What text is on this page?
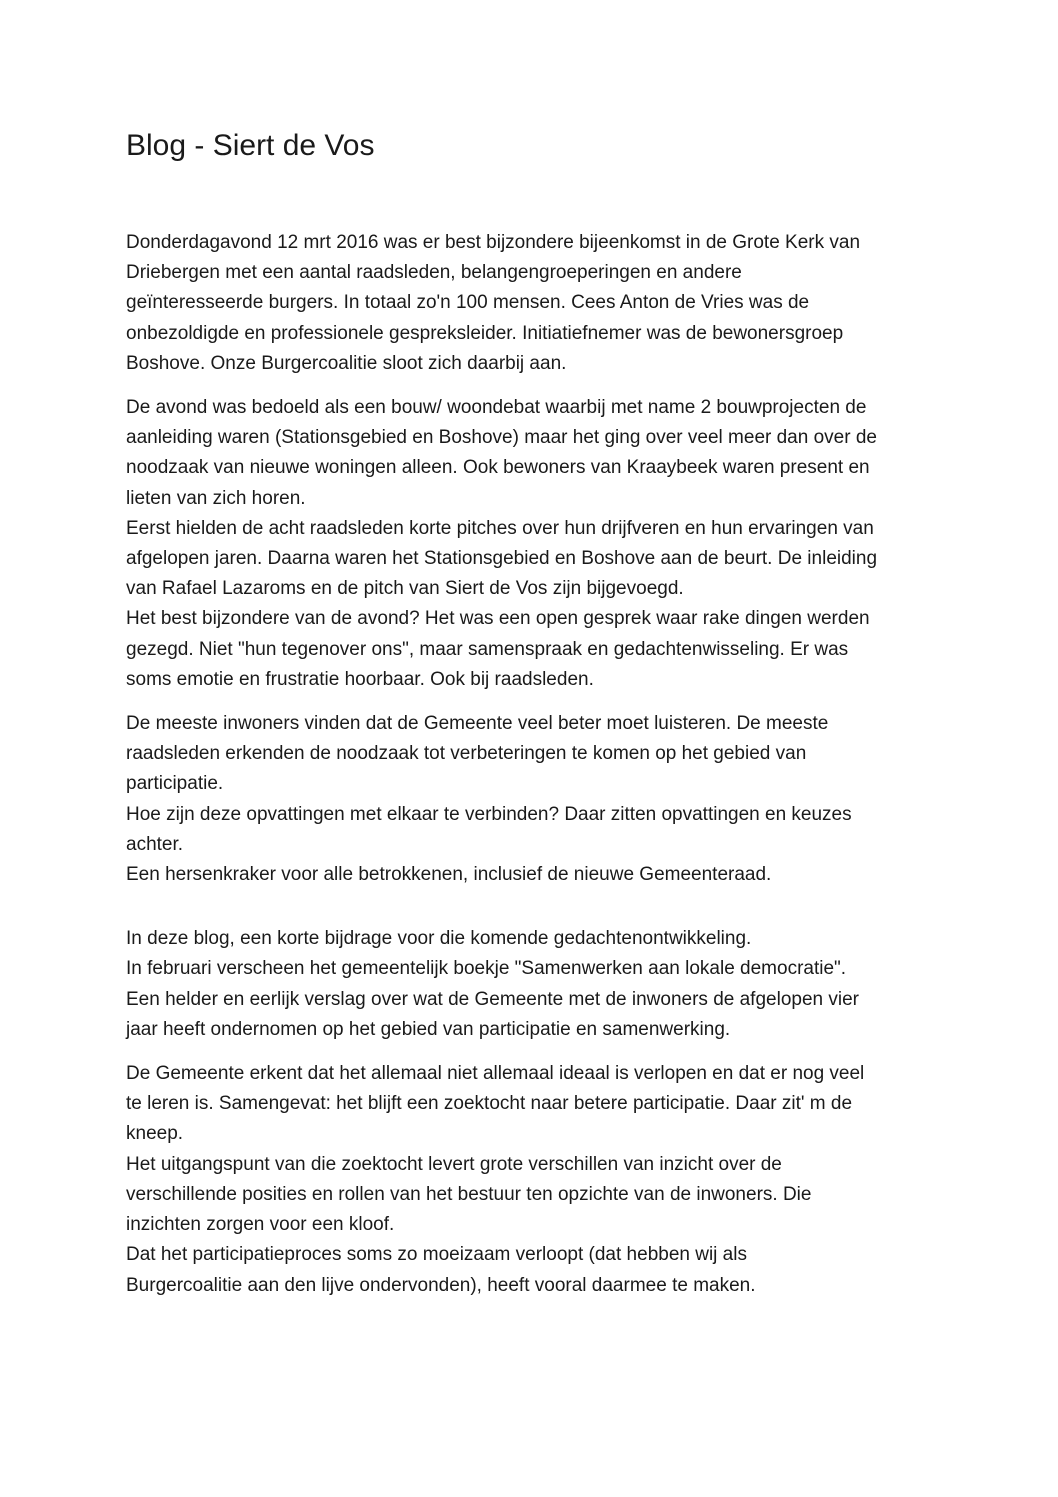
Blog - Siert de Vos

Donderdagavond 12 mrt 2016 was er best bijzondere bijeenkomst in de Grote Kerk van
Driebergen met een aantal raadsleden, belangengroeperingen en andere
geïnteresseerde burgers. In totaal zo'n 100 mensen. Cees Anton de Vries was de
onbezoldigde en professionele gespreksleider. Initiatiefnemer was de bewonersgroep
Boshove. Onze Burgercoalitie sloot zich daarbij aan.

De avond was bedoeld als een bouw/ woondebat waarbij met name 2 bouwprojecten de
aanleiding waren (Stationsgebied en Boshove) maar het ging over veel meer dan over de
noodzaak van nieuwe woningen alleen. Ook bewoners van Kraaybeek waren present en
lieten van zich horen.
Eerst hielden de acht raadsleden korte pitches over hun drijfveren en hun ervaringen van
afgelopen jaren. Daarna waren het Stationsgebied en Boshove aan de beurt. De inleiding
van Rafael Lazaroms en de pitch van Siert de Vos zijn bijgevoegd.
Het best bijzondere van de avond? Het was een open gesprek waar rake dingen werden
gezegd. Niet "hun tegenover ons", maar samenspraak en gedachtenwisseling. Er was
soms emotie en frustratie hoorbaar. Ook bij raadsleden.

De meeste inwoners vinden dat de Gemeente veel beter moet luisteren. De meeste
raadsleden erkenden de noodzaak tot verbeteringen te komen op het gebied van
participatie.
Hoe zijn deze opvattingen met elkaar te verbinden? Daar zitten opvattingen en keuzes
achter.
Een hersenkraker voor alle betrokkenen, inclusief de nieuwe Gemeenteraad.

In deze blog, een korte bijdrage voor die komende gedachtenontwikkeling.
In februari verscheen het gemeentelijk boekje "Samenwerken aan lokale democratie".
Een helder en eerlijk verslag over wat de Gemeente met de inwoners de afgelopen vier
jaar heeft ondernomen op het gebied van participatie en samenwerking.

De Gemeente erkent dat het allemaal niet allemaal ideaal is verlopen en dat er nog veel
te leren is. Samengevat: het blijft een zoektocht naar betere participatie. Daar zit' m de
kneep.
Het uitgangspunt van die zoektocht levert grote verschillen van inzicht over de
verschillende posities en rollen van het bestuur ten opzichte van de inwoners. Die
inzichten zorgen voor een kloof.
Dat het participatieproces soms zo moeizaam verloopt (dat hebben wij als
Burgercoalitie aan den lijve ondervonden), heeft vooral daarmee te maken.
